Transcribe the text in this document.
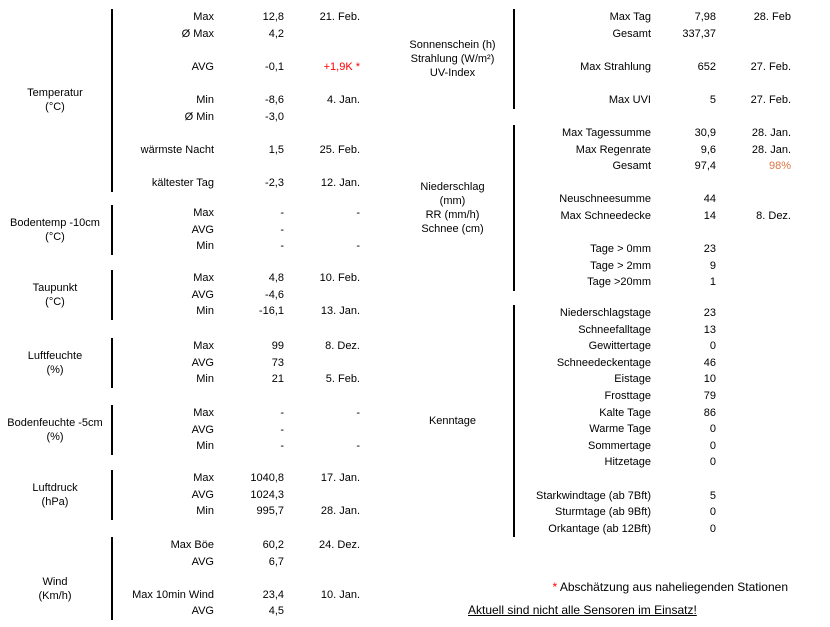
Temperatur
(°C)
Max	12,8	21. Feb.
Ø Max	4,2
AVG	-0,1	+1,9K *
Min	-8,6	4. Jan.
Ø Min	-3,0
wärmste Nacht	1,5	25. Feb.
kältester Tag	-2,3	12. Jan.
Bodentemp -10cm
(°C)
Max	-	-
AVG	-
Min	-	-
Taupunkt
(°C)
Max	4,8	10. Feb.
AVG	-4,6
Min	-16,1	13. Jan.
Luftfeuchte
(%)
Max	99	8. Dez.
AVG	73
Min	21	5. Feb.
Bodenfeuchte -5cm
(%)
Max	-	-
AVG	-
Min	-	-
Luftdruck
(hPa)
Max	1040,8	17. Jan.
AVG	1024,3
Min	995,7	28. Jan.
Wind
(Km/h)
Max Böe	60,2	24. Dez.
AVG	6,7
Max 10min Wind	23,4	10. Jan.
AVG	4,5
Sonnenschein (h)
Strahlung (W/m²)
UV-Index
Max Tag	7,98	28. Feb
Gesamt	337,37
Max Strahlung	652	27. Feb.
Max UVI	5	27. Feb.
Niederschlag
(mm)
RR (mm/h)
Schnee (cm)
Max Tagessumme	30,9	28. Jan.
Max Regenrate	9,6	28. Jan.
Gesamt	97,4	98%
Neuschneesumme	44
Max Schneedecke	14	8. Dez.
Tage > 0mm	23
Tage > 2mm	9
Tage >20mm	1
Kenntage
Niederschlagstage	23
Schneefalltage	13
Gewittertage	0
Schneedeckentage	46
Eistage	10
Frosttage	79
Kalte Tage	86
Warme Tage	0
Sommertage	0
Hitzetage	0
Starkwindtage (ab 7Bft)	5
Sturmtage (ab 9Bft)	0
Orkantage (ab 12Bft)	0
* Abschätzung aus naheliegenden Stationen
Aktuell sind nicht alle Sensoren im Einsatz!
